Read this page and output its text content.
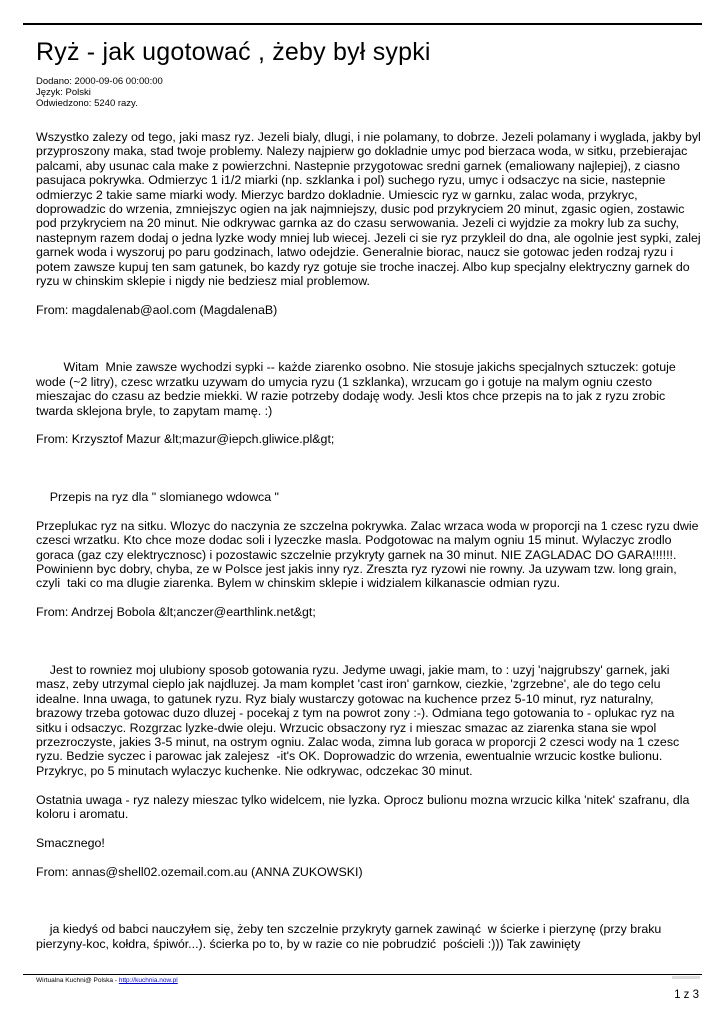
Ryż - jak ugotować , żeby był sypki
Dodano: 2000-09-06 00:00:00
Język: Polski
Odwiedzono: 5240 razy.

Wszystko zalezy od tego, jaki masz ryz. Jezeli bialy, dlugi, i nie polamany, to dobrze. Jezeli polamany i wyglada, jakby byl przyproszony maka, stad twoje problemy. Nalezy najpierw go dokladnie umyc pod bierzaca woda, w sitku, przebierajac palcami, aby usunac cala make z powierzchni. Nastepnie przygotowac sredni garnek (emaliowany najlepiej), z ciasno pasujaca pokrywka. Odmierzyc 1 i1/2 miarki (np. szklanka i pol) suchego ryzu, umyc i odsaczyc na sicie, nastepnie odmierzyc 2 takie same miarki wody. Mierzyc bardzo dokladnie. Umiescic ryz w garnku, zalac woda, przykryc, doprowadzic do wrzenia, zmniejszyc ogien na jak najmniejszy, dusic pod przykryciem 20 minut, zgasic ogien, zostawic pod przykryciem na 20 minut. Nie odkrywac garnka az do czasu serwowania. Jezeli ci wyjdzie za mokry lub za suchy, nastepnym razem dodaj o jedna lyzke wody mniej lub wiecej. Jezeli ci sie ryz przykleil do dna, ale ogolnie jest sypki, zalej garnek woda i wyszoruj po paru godzinach, latwo odejdzie. Generalnie biorac, naucz sie gotowac jeden rodzaj ryzu i potem zawsze kupuj ten sam gatunek, bo kazdy ryz gotuje sie troche inaczej. Albo kup specjalny elektryczny garnek do ryzu w chinskim sklepie i nigdy nie bedziesz mial problemow.

From: magdalenab@aol.com (MagdalenaB)

Witam  Mnie zawsze wychodzi sypki -- każde ziarenko osobno. Nie stosuje jakichs specjalnych sztuczek: gotuje wode (~2 litry), czesc wrzatku uzywam do umycia ryzu (1 szklanka), wrzucam go i gotuje na malym ogniu czesto mieszajac do czasu az bedzie miekki. W razie potrzeby dodaję wody. Jesli ktos chce przepis na to jak z ryzu zrobic twarda sklejona bryle, to zapytam mamę. :)

From: Krzysztof Mazur &lt;mazur@iepch.gliwice.pl&gt;

Przepis na ryz dla " slomianego wdowca "

Przeplukac ryz na sitku. Wlozyc do naczynia ze szczelna pokrywka. Zalac wrzaca woda w proporcji na 1 czesc ryzu dwie czesci wrzatku. Kto chce moze dodac soli i lyzeczke masla. Podgotowac na malym ogniu 15 minut. Wylaczyc zrodlo goraca (gaz czy elektrycznosc) i pozostawic szczelnie przykryty garnek na 30 minut. NIE ZAGLADAC DO GARA!!!!!!. Powinienn byc dobry, chyba, ze w Polsce jest jakis inny ryz. Zreszta ryz ryzowi nie rowny. Ja uzywam tzw. long grain, czyli  taki co ma dlugie ziarenka. Bylem w chinskim sklepie i widzialem kilkanascie odmian ryzu.

From: Andrzej Bobola &lt;anczer@earthlink.net&gt;

Jest to rowniez moj ulubiony sposob gotowania ryzu. Jedyme uwagi, jakie mam, to : uzyj 'najgrubszy' garnek, jaki masz, zeby utrzymal cieplo jak najdluzej. Ja mam komplet 'cast iron' garnkow, ciezkie, 'zgrzebne', ale do tego celu idealne. Inna uwaga, to gatunek ryzu. Ryz bialy wustarczy gotowac na kuchence przez 5-10 minut, ryz naturalny, brazowy trzeba gotowac duzo dluzej - pocekaj z tym na powrot zony :-). Odmiana tego gotowania to - oplukac ryz na sitku i odsaczyc. Rozgrzac lyzke-dwie oleju. Wrzucic obsaczony ryz i mieszac smazac az ziarenka stana sie wpol przezroczyste, jakies 3-5 minut, na ostrym ogniu. Zalac woda, zimna lub goraca w proporcji 2 czesci wody na 1 czesc ryzu. Bedzie syczec i parowac jak zalejesz  -it's OK. Doprowadzic do wrzenia, ewentualnie wrzucic kostke bulionu. Przykryc, po 5 minutach wylaczyc kuchenke. Nie odkrywac, odczekac 30 minut.

Ostatnia uwaga - ryz nalezy mieszac tylko widelcem, nie lyzka. Oprocz bulionu mozna wrzucic kilka 'nitek' szafranu, dla koloru i aromatu.

Smacznego!

From: annas@shell02.ozemail.com.au (ANNA ZUKOWSKI)

ja kiedyś od babci nauczyłem się, żeby ten szczelnie przykryty garnek zawinąć  w ścierke i pierzynę (przy braku pierzyny-koc, kołdra, śpiwór...). ścierka po to, by w razie co nie pobrudzić  pościeli :))) Tak zawinięty

Wirtualna Kuchni@ Polska - http://kuchnia.now.pl
1 z 3
